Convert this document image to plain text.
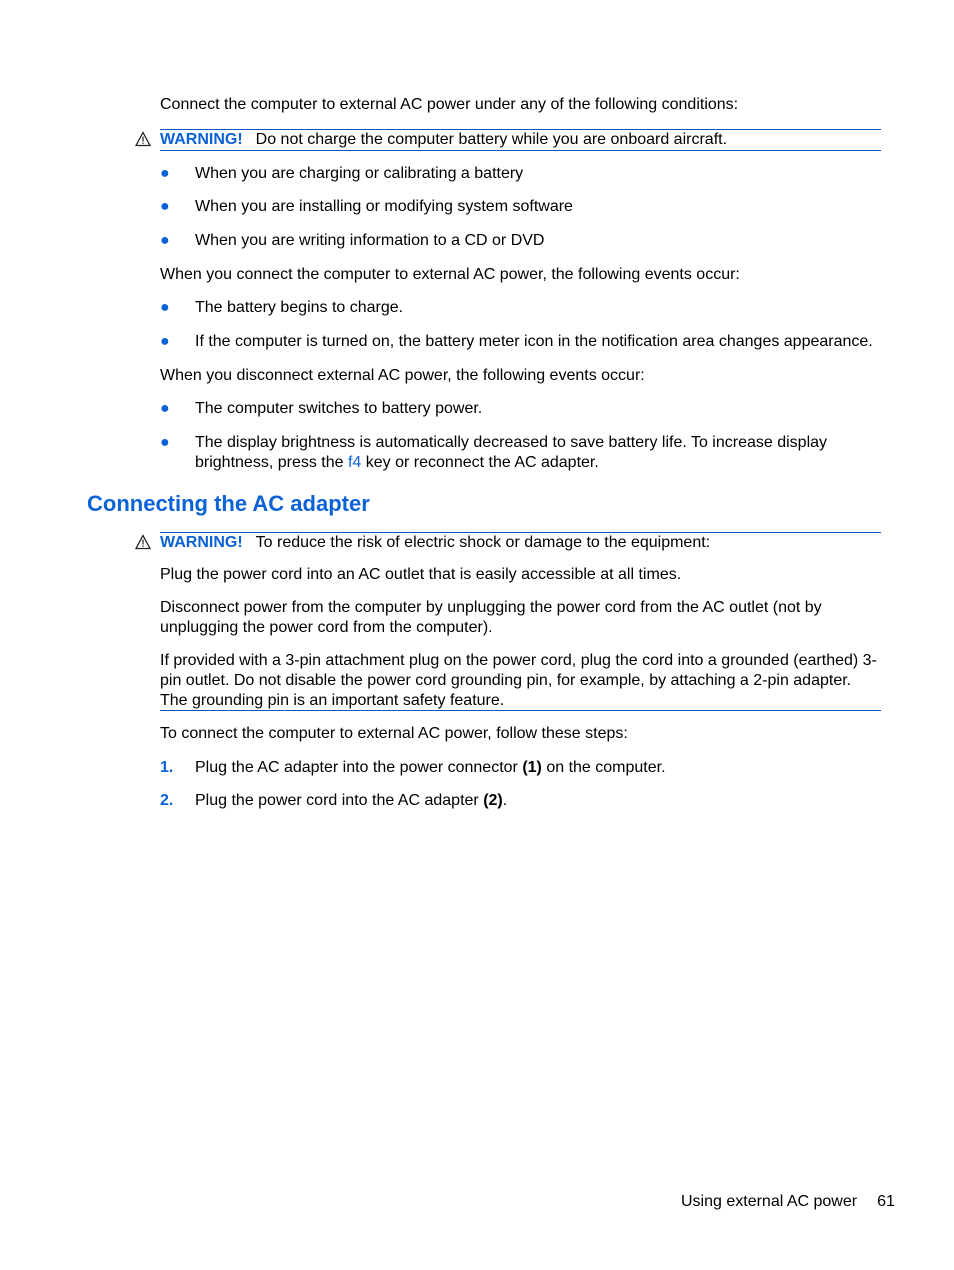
Connect the computer to external AC power under any of the following conditions:
WARNING! Do not charge the computer battery while you are onboard aircraft.
● When you are charging or calibrating a battery
● When you are installing or modifying system software
● When you are writing information to a CD or DVD
When you connect the computer to external AC power, the following events occur:
● The battery begins to charge.
● If the computer is turned on, the battery meter icon in the notification area changes appearance.
When you disconnect external AC power, the following events occur:
● The computer switches to battery power.
● The display brightness is automatically decreased to save battery life. To increase display brightness, press the f4 key or reconnect the AC adapter.
Connecting the AC adapter
WARNING! To reduce the risk of electric shock or damage to the equipment:
Plug the power cord into an AC outlet that is easily accessible at all times.
Disconnect power from the computer by unplugging the power cord from the AC outlet (not by unplugging the power cord from the computer).
If provided with a 3-pin attachment plug on the power cord, plug the cord into a grounded (earthed) 3-pin outlet. Do not disable the power cord grounding pin, for example, by attaching a 2-pin adapter. The grounding pin is an important safety feature.
To connect the computer to external AC power, follow these steps:
1. Plug the AC adapter into the power connector (1) on the computer.
2. Plug the power cord into the AC adapter (2).
Using external AC power 61
